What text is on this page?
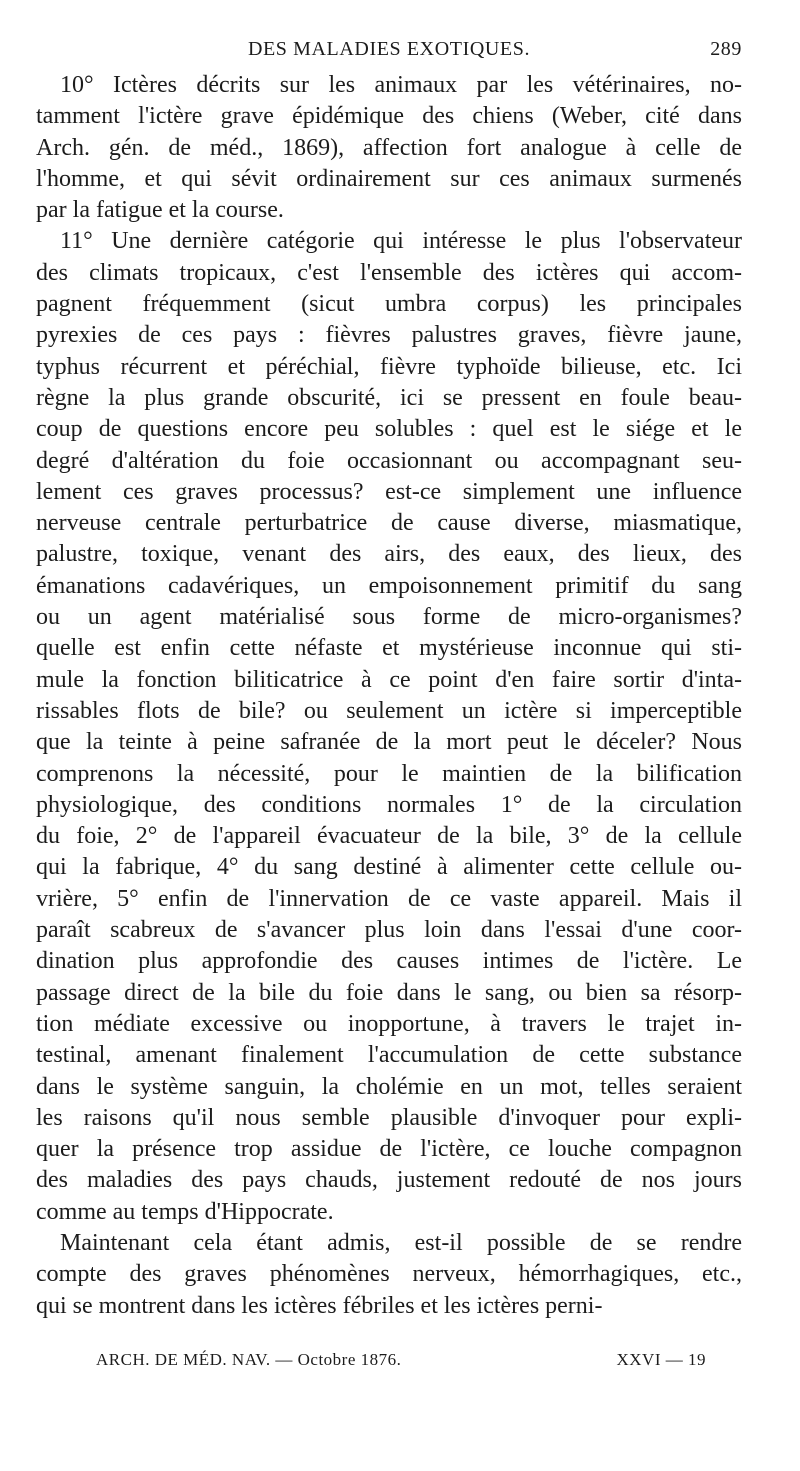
DES MALADIES EXOTIQUES.	289
10° Ictères décrits sur les animaux par les vétérinaires, no-
tamment l'ictère grave épidémique des chiens (Weber, cité dans
Arch. gén. de méd., 1869), affection fort analogue à celle de
l'homme, et qui sévit ordinairement sur ces animaux surmenés
par la fatigue et la course.
11° Une dernière catégorie qui intéresse le plus l'observateur
des climats tropicaux, c'est l'ensemble des ictères qui accom-
pagnent fréquemment (sicut umbra corpus) les principales
pyrexies de ces pays : fièvres palustres graves, fièvre jaune,
typhus récurrent et péréchial, fièvre typhoïde bilieuse, etc. Ici
règne la plus grande obscurité, ici se pressent en foule beau-
coup de questions encore peu solubles : quel est le siége et le
degré d'altération du foie occasionnant ou accompagnant seu-
lement ces graves processus? est-ce simplement une influence
nerveuse centrale perturbatrice de cause diverse, miasmatique,
palustre, toxique, venant des airs, des eaux, des lieux, des
émanations cadavériques, un empoisonnement primitif du sang
ou un agent matérialisé sous forme de micro-organismes?
quelle est enfin cette néfaste et mystérieuse inconnue qui sti-
mule la fonction biliticatrice à ce point d'en faire sortir d'inta-
rissables flots de bile? ou seulement un ictère si imperceptible
que la teinte à peine safranée de la mort peut le déceler? Nous
comprenons la nécessité, pour le maintien de la bilification
physiologique, des conditions normales 1° de la circulation
du foie, 2° de l'appareil évacuateur de la bile, 3° de la cellule
qui la fabrique, 4° du sang destiné à alimenter cette cellule ou-
vrière, 5° enfin de l'innervation de ce vaste appareil. Mais il
paraît scabreux de s'avancer plus loin dans l'essai d'une coor-
dination plus approfondie des causes intimes de l'ictère. Le
passage direct de la bile du foie dans le sang, ou bien sa résorp-
tion médiate excessive ou inopportune, à travers le trajet in-
testinal, amenant finalement l'accumulation de cette substance
dans le système sanguin, la cholémie en un mot, telles seraient
les raisons qu'il nous semble plausible d'invoquer pour expli-
quer la présence trop assidue de l'ictère, ce louche compagnon
des maladies des pays chauds, justement redouté de nos jours
comme au temps d'Hippocrate.
Maintenant cela étant admis, est-il possible de se rendre
compte des graves phénomènes nerveux, hémorrhagiques, etc.,
qui se montrent dans les ictères fébriles et les ictères perni-
ARCH. DE MÉD. NAV. — Octobre 1876.	XXVI — 19
